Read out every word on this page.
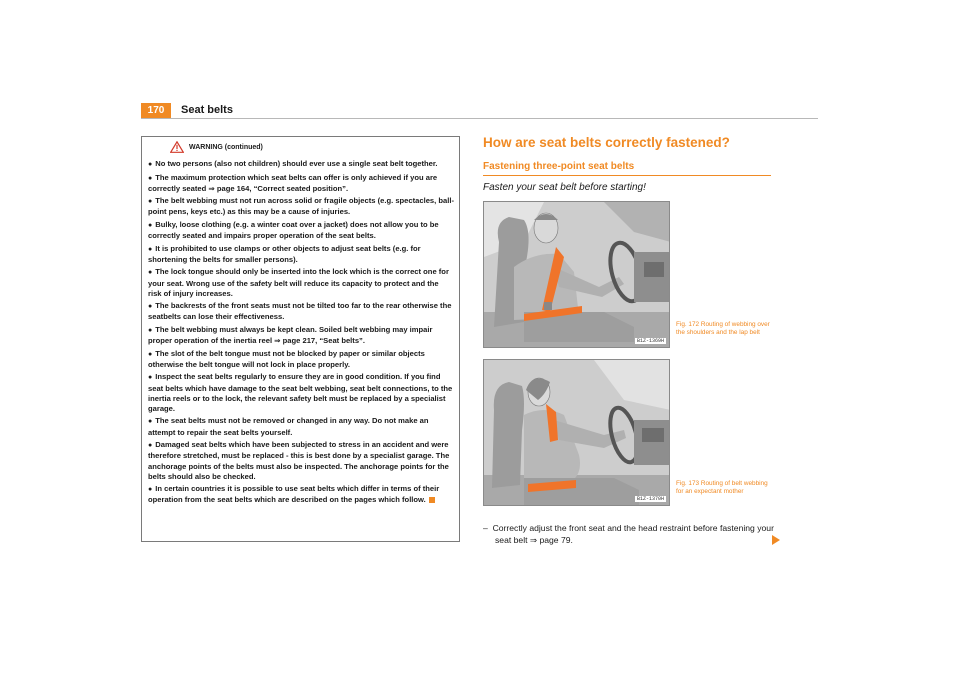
170	Seat belts
WARNING (continued)
● No two persons (also not children) should ever use a single seat belt together.
● The maximum protection which seat belts can offer is only achieved if you are correctly seated ⇒ page 164, “Correct seated position”.
● The belt webbing must not run across solid or fragile objects (e.g. spectacles, ball-point pens, keys etc.) as this may be a cause of injuries.
● Bulky, loose clothing (e.g. a winter coat over a jacket) does not allow you to be correctly seated and impairs proper operation of the seat belts.
● It is prohibited to use clamps or other objects to adjust seat belts (e.g. for shortening the belts for smaller persons).
● The lock tongue should only be inserted into the lock which is the correct one for your seat. Wrong use of the safety belt will reduce its capacity to protect and the risk of injury increases.
● The backrests of the front seats must not be tilted too far to the rear otherwise the seatbelts can lose their effectiveness.
● The belt webbing must always be kept clean. Soiled belt webbing may impair proper operation of the inertia reel ⇒ page 217, “Seat belts”.
● The slot of the belt tongue must not be blocked by paper or similar objects otherwise the belt tongue will not lock in place properly.
● Inspect the seat belts regularly to ensure they are in good condition. If you find seat belts which have damage to the seat belt webbing, seat belt connections, to the inertia reels or to the lock, the relevant safety belt must be replaced by a specialist garage.
● The seat belts must not be removed or changed in any way. Do not make an attempt to repair the seat belts yourself.
● Damaged seat belts which have been subjected to stress in an accident and were therefore stretched, must be replaced - this is best done by a specialist garage. The anchorage points of the belts must also be inspected. The anchorage points for the belts should also be checked.
● In certain countries it is possible to use seat belts which differ in terms of their operation from the seat belts which are described on the pages which follow.
How are seat belts correctly fastened?
Fastening three-point seat belts
Fasten your seat belt before starting!
B1Z-1369H
Fig. 172 Routing of webbing over the shoulders and the lap belt
B1Z-1370H
Fig. 173 Routing of belt webbing for an expectant mother
– Correctly adjust the front seat and the head restraint before fastening your seat belt ⇒ page 79.
